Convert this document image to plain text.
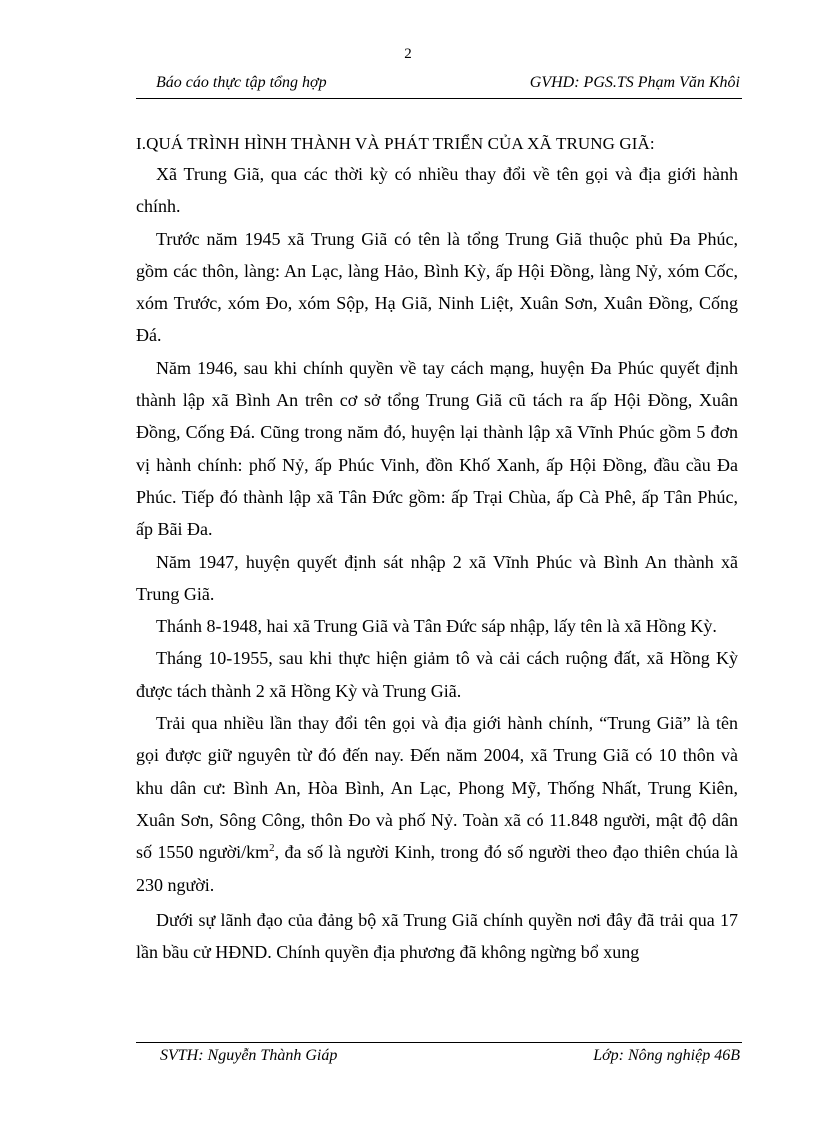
2
Báo cáo thực tập tổng hợp	GVHD: PGS.TS Phạm Văn Khôi
I.QUÁ TRÌNH HÌNH THÀNH VÀ PHÁT TRIỂN CỦA XÃ TRUNG GIÃ:

Xã Trung Giã, qua các thời kỳ có nhiều thay đổi về tên gọi và địa giới hành chính.

Trước năm 1945 xã Trung Giã có tên là tổng Trung Giã thuộc phủ Đa Phúc, gồm các thôn, làng: An Lạc, làng Hảo, Bình Kỳ, ấp Hội Đồng, làng Nỷ, xóm Cốc, xóm Trước, xóm Đo, xóm Sộp, Hạ Giã, Ninh Liệt, Xuân Sơn, Xuân Đồng, Cống Đá.

Năm 1946, sau khi chính quyền về tay cách mạng, huyện Đa Phúc quyết định thành lập xã Bình An trên cơ sở tổng Trung Giã cũ tách ra ấp Hội Đồng, Xuân Đồng, Cống Đá. Cũng trong năm đó, huyện lại thành lập xã Vĩnh Phúc gồm 5 đơn vị hành chính: phố Nỷ, ấp Phúc Vinh, đồn Khố Xanh, ấp Hội Đồng, đầu cầu Đa Phúc. Tiếp đó thành lập xã Tân Đức gồm: ấp Trại Chùa, ấp Cà Phê, ấp Tân Phúc, ấp Bãi Đa.

Năm 1947, huyện quyết định sát nhập 2 xã Vĩnh Phúc và Bình An thành xã Trung Giã.

Thánh 8-1948, hai xã Trung Giã và Tân Đức sáp nhập, lấy tên là xã Hồng Kỳ.

Tháng 10-1955, sau khi thực hiện giảm tô và cải cách ruộng đất, xã Hồng Kỳ được tách thành 2 xã Hồng Kỳ và Trung Giã.

Trải qua nhiều lần thay đổi tên gọi và địa giới hành chính, “Trung Giã” là tên gọi được giữ nguyên từ đó đến nay. Đến năm 2004, xã Trung Giã có 10 thôn và khu dân cư: Bình An, Hòa Bình, An Lạc, Phong Mỹ, Thống Nhất, Trung Kiên, Xuân Sơn, Sông Công, thôn Đo và phố Nỷ. Toàn xã có 11.848 người, mật độ dân số 1550 người/$km^2$, đa số là người Kinh, trong đó số người theo đạo thiên chúa là 230 người.

Dưới sự lãnh đạo của đảng bộ xã Trung Giã chính quyền nơi đây đã trải qua 17 lần bầu cử HĐND. Chính quyền địa phương đã không ngừng bổ xung

SVTH: Nguyễn Thành Giáp	Lớp: Nông nghiệp 46B
